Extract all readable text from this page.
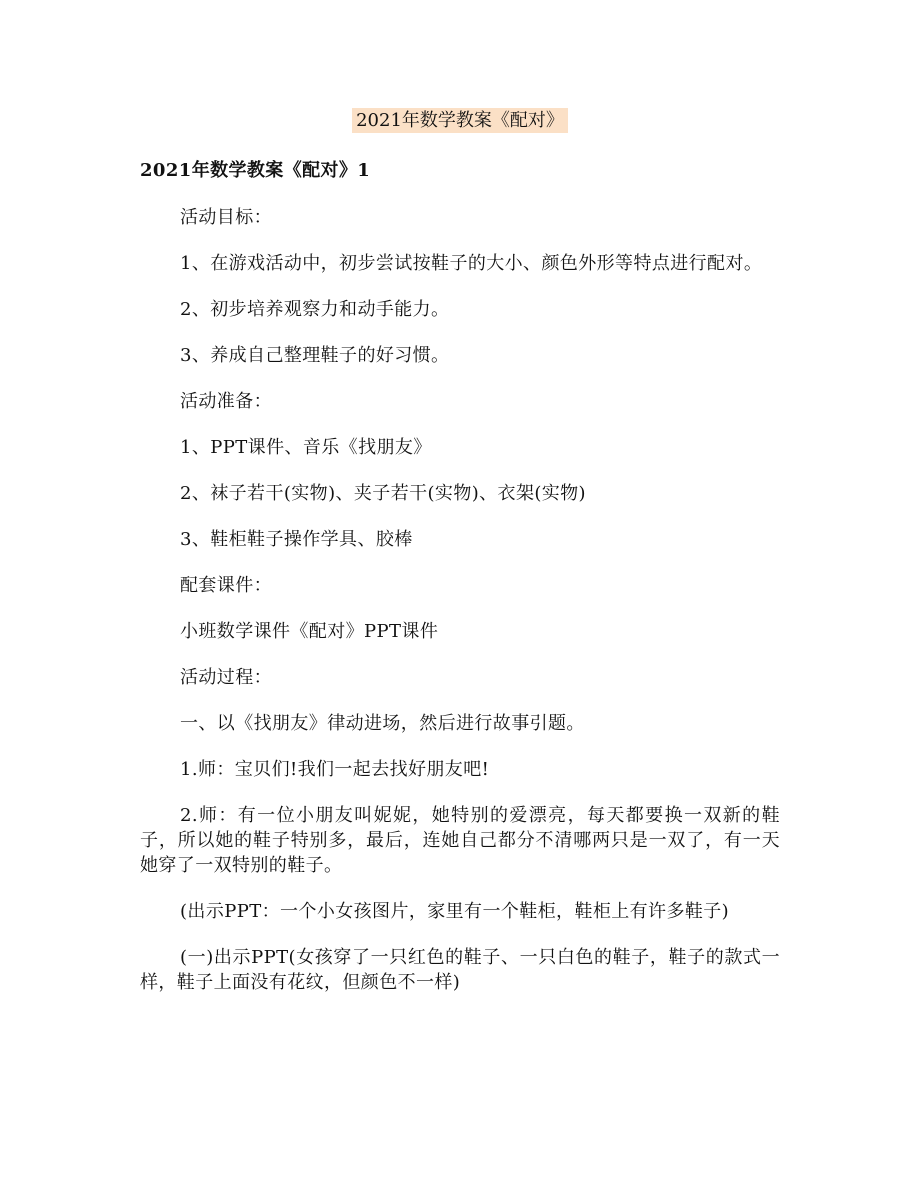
2021年数学教案《配对》

2021年数学教案《配对》1

活动目标：

1、在游戏活动中，初步尝试按鞋子的大小、颜色外形等特点进行配对。

2、初步培养观察力和动手能力。

3、养成自己整理鞋子的好习惯。

活动准备：

1、PPT课件、音乐《找朋友》

2、袜子若干(实物)、夹子若干(实物)、衣架(实物)

3、鞋柜鞋子操作学具、胶棒

配套课件：

小班数学课件《配对》PPT课件

活动过程：

一、以《找朋友》律动进场，然后进行故事引题。

1.师：宝贝们!我们一起去找好朋友吧!

2.师：有一位小朋友叫妮妮，她特别的爱漂亮，每天都要换一双新的鞋子，所以她的鞋子特别多，最后，连她自己都分不清哪两只是一双了，有一天她穿了一双特别的鞋子。

(出示PPT：一个小女孩图片，家里有一个鞋柜，鞋柜上有许多鞋子)

(一)出示PPT(女孩穿了一只红色的鞋子、一只白色的鞋子，鞋子的款式一样，鞋子上面没有花纹，但颜色不一样)
